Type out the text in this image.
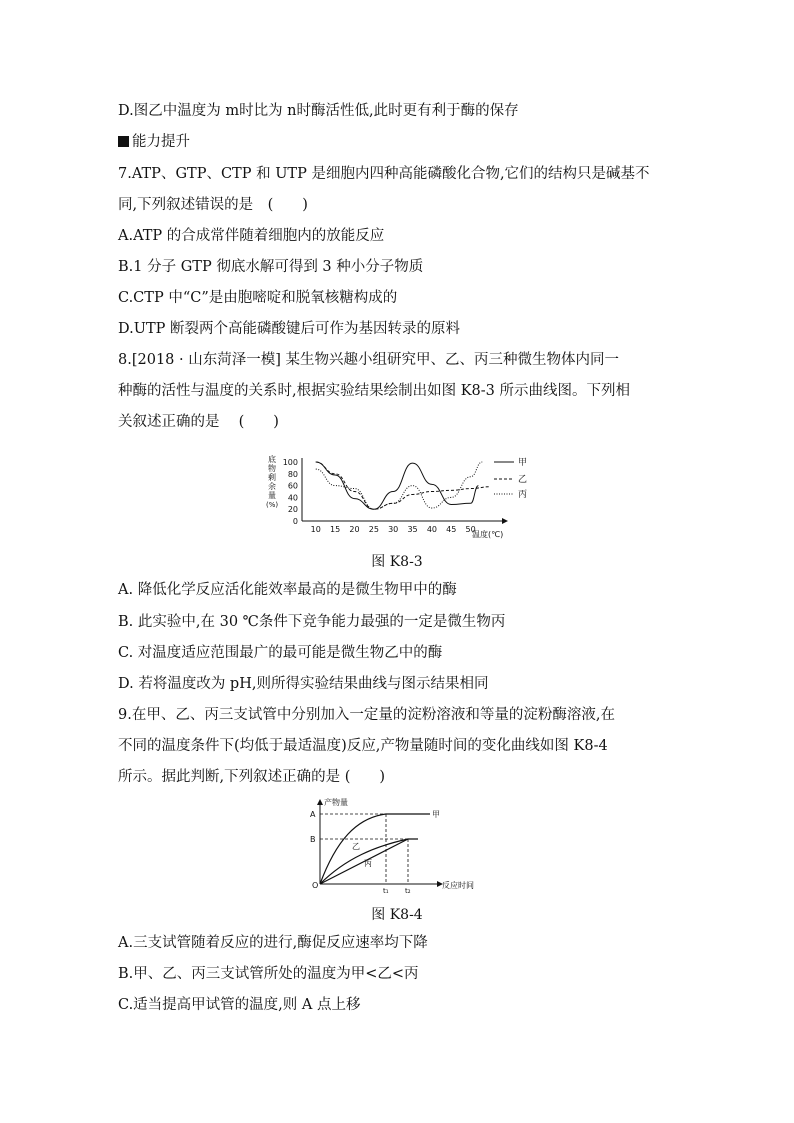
D.图乙中温度为 m时比为 n时酶活性低,此时更有利于酶的保存
能力提升
7.ATP、GTP、CTP 和 UTP 是细胞内四种高能磷酸化合物,它们的结构只是碱基不
同,下列叙述错误的是　(　　)
A.ATP 的合成常伴随着细胞内的放能反应
B.1 分子 GTP 彻底水解可得到 3 种小分子物质
C.CTP 中“C”是由胞嘧啶和脱氧核糖构成的
D.UTP 断裂两个高能磷酸键后可作为基因转录的原料
8.[2018 · 山东菏泽一模] 某生物兴趣小组研究甲、乙、丙三种微生物体内同一
种酶的活性与温度的关系时,根据实验结果绘制出如图 K8-3 所示曲线图。下列相
关叙述正确的是　 (　　)
底
物
剩
余
量
(%)
0
20
40
60
80
100
10 15 20 25 30 35 40 45 50
温度(℃)
甲
乙
丙
图 K8-3
A. 降低化学反应活化能效率最高的是微生物甲中的酶
B. 此实验中,在 30 ℃条件下竞争能力最强的一定是微生物丙
C. 对温度适应范围最广的最可能是微生物乙中的酶
D. 若将温度改为 pH,则所得实验结果曲线与图示结果相同
9.在甲、乙、丙三支试管中分别加入一定量的淀粉溶液和等量的淀粉酶溶液,在
不同的温度条件下(均低于最适温度)反应,产物量随时间的变化曲线如图 K8-4
所示。据此判断,下列叙述正确的是 (　　)
产物量
反应时间
O
A
B
甲
乙
丙
t₁ t₂
图 K8-4
A.三支试管随着反应的进行,酶促反应速率均下降
B.甲、乙、丙三支试管所处的温度为甲<乙<丙
C.适当提高甲试管的温度,则 A 点上移
